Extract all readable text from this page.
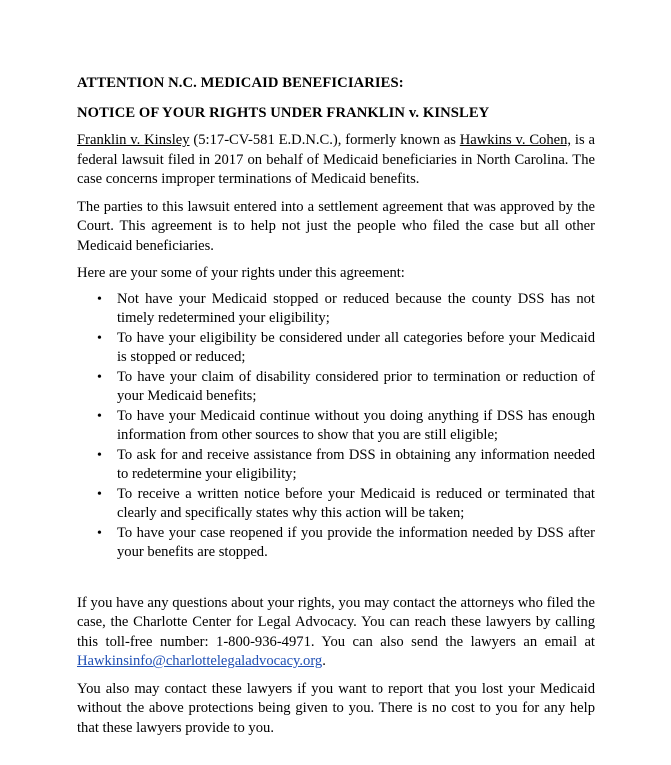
ATTENTION N.C. MEDICAID BENEFICIARIES:
NOTICE OF YOUR RIGHTS UNDER FRANKLIN v. KINSLEY

Franklin v. Kinsley (5:17-CV-581 E.D.N.C.), formerly known as Hawkins v. Cohen, is a federal lawsuit filed in 2017 on behalf of Medicaid beneficiaries in North Carolina. The case concerns improper terminations of Medicaid benefits.

The parties to this lawsuit entered into a settlement agreement that was approved by the Court. This agreement is to help not just the people who filed the case but all other Medicaid beneficiaries.

Here are your some of your rights under this agreement:

• Not have your Medicaid stopped or reduced because the county DSS has not timely redetermined your eligibility;
• To have your eligibility be considered under all categories before your Medicaid is stopped or reduced;
• To have your claim of disability considered prior to termination or reduction of your Medicaid benefits;
• To have your Medicaid continue without you doing anything if DSS has enough information from other sources to show that you are still eligible;
• To ask for and receive assistance from DSS in obtaining any information needed to redetermine your eligibility;
• To receive a written notice before your Medicaid is reduced or terminated that clearly and specifically states why this action will be taken;
• To have your case reopened if you provide the information needed by DSS after your benefits are stopped.

If you have any questions about your rights, you may contact the attorneys who filed the case, the Charlotte Center for Legal Advocacy. You can reach these lawyers by calling this toll-free number: 1-800-936-4971. You can also send the lawyers an email at Hawkinsinfo@charlottelegaladvocacy.org.

You also may contact these lawyers if you want to report that you lost your Medicaid without the above protections being given to you. There is no cost to you for any help that these lawyers provide to you.
